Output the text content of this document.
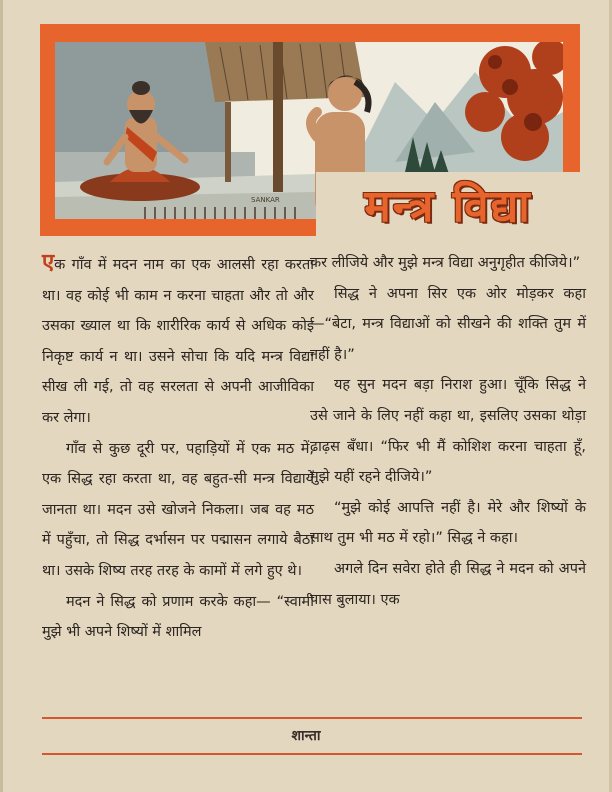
SANKAR मन्त्र विद्या

एक गाँव में मदन नाम का एक आलसी रहा करता था। वह कोई भी काम न करना चाहता और तो और उसका ख्याल था कि शारीरिक कार्य से अधिक कोई निकृष्ट कार्य न था। उसने सोचा कि यदि मन्त्र विद्या सीख ली गई, तो वह सरलता से अपनी आजीविका कर लेगा।

गाँव से कुछ दूरी पर, पहाड़ियों में एक मठ में, एक सिद्ध रहा करता था, वह बहुत-सी मन्त्र विद्यायें जानता था। मदन उसे खोजने निकला। जब वह मठ में पहुँचा, तो सिद्ध दर्भासन पर पद्मासन लगाये बैठा था। उसके शिष्य तरह तरह के कामों में लगे हुए थे।

मदन ने सिद्ध को प्रणाम करके कहा— “स्वामी मुझे भी अपने शिष्यों में शामिल

कर लीजिये और मुझे मन्त्र विद्या अनुगृहीत कीजिये।”

सिद्ध ने अपना सिर एक ओर मोड़कर कहा—“बेटा, मन्त्र विद्याओं को सीखने की शक्ति तुम में नहीं है।”

यह सुन मदन बड़ा निराश हुआ। चूँकि सिद्ध ने उसे जाने के लिए नहीं कहा था, इसलिए उसका थोड़ा ढाढ़स बँधा। “फिर भी मैं कोशिश करना चाहता हूँ, मुझे यहीं रहने दीजिये।”

“मुझे कोई आपत्ति नहीं है। मेरे और शिष्यों के साथ तुम भी मठ में रहो।” सिद्ध ने कहा।

अगले दिन सवेरा होते ही सिद्ध ने मदन को अपने पास बुलाया। एक

शान्ता
